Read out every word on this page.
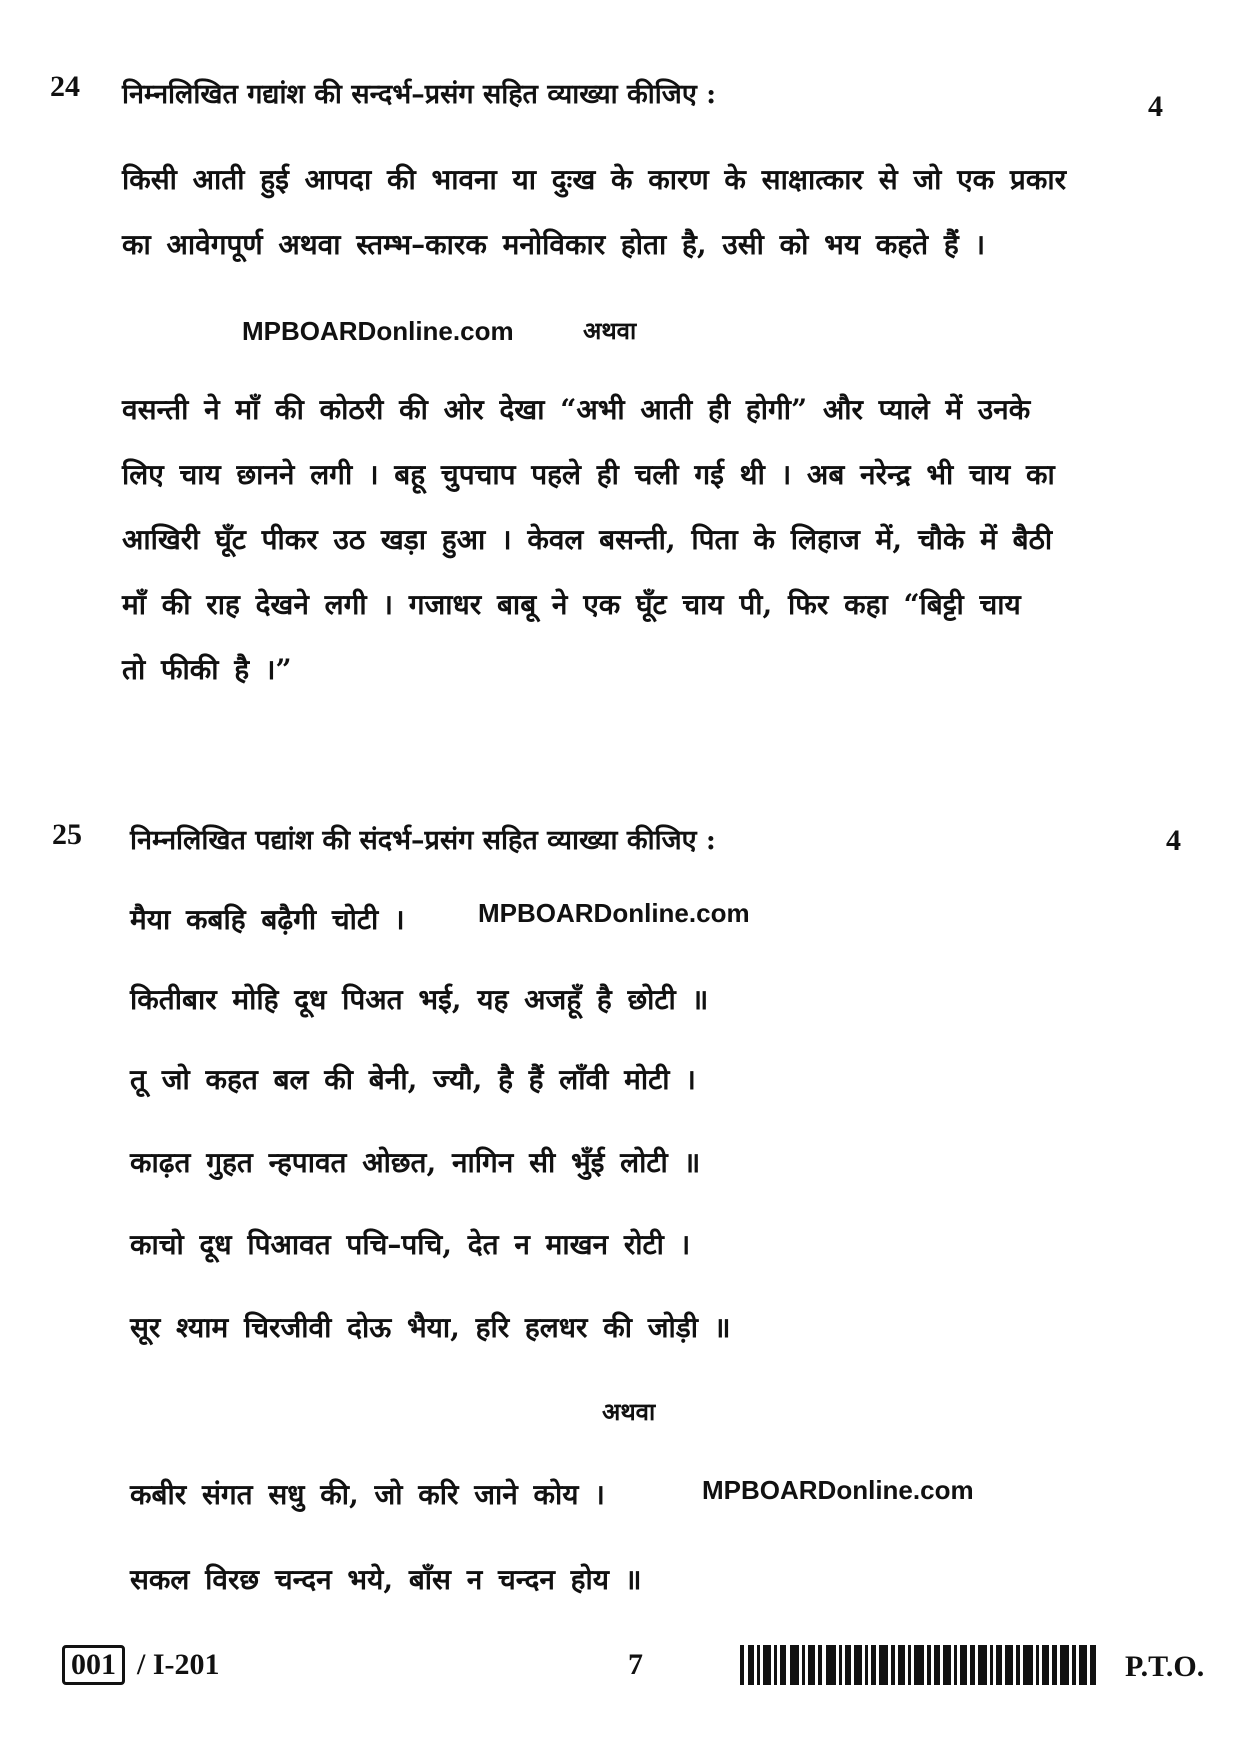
24 निम्नलिखित गद्यांश की सन्दर्भ–प्रसंग सहित व्याख्या कीजिए :	4
किसी आती हुई आपदा की भावना या दुःख के कारण के साक्षात्कार से जो एक प्रकार
का आवेगपूर्ण अथवा स्तम्भ–कारक मनोविकार होता है, उसी को भय कहते हैं ।
MPBOARDonline.com	अथवा
वसन्ती ने माँ की कोठरी की ओर देखा “अभी आती ही होगी” और प्याले में उनके
लिए चाय छानने लगी । बहू चुपचाप पहले ही चली गई थी । अब नरेन्द्र भी चाय का
आखिरी घूँट पीकर उठ खड़ा हुआ । केवल बसन्ती, पिता के लिहाज में, चौके में बैठी
माँ की राह देखने लगी । गजाधर बाबू ने एक घूँट चाय पी, फिर कहा “बिट्टी चाय
तो फीकी है ।”
25 निम्नलिखित पद्यांश की संदर्भ–प्रसंग सहित व्याख्या कीजिए :	4
मैया कबहि बढ़ैगी चोटी ।	MPBOARDonline.com
कितीबार मोहि दूध पिअत भई, यह अजहूँ है छोटी ॥
तू जो कहत बल की बेनी, ज्यौ, है हैं लाँवी मोटी ।
काढ़त गुहत न्हपावत ओछत, नागिन सी भुँई लोटी ॥
काचो दूध पिआवत पचि–पचि, देत न माखन रोटी ।
सूर श्याम चिरजीवी दोऊ भैया, हरि हलधर की जोड़ी ॥
अथवा
कबीर संगत सधु की, जो करि जाने कोय ।	MPBOARDonline.com
सकल विरछ चन्दन भये, बाँस न चन्दन होय ॥
001 / I-201	7	P.T.O.
